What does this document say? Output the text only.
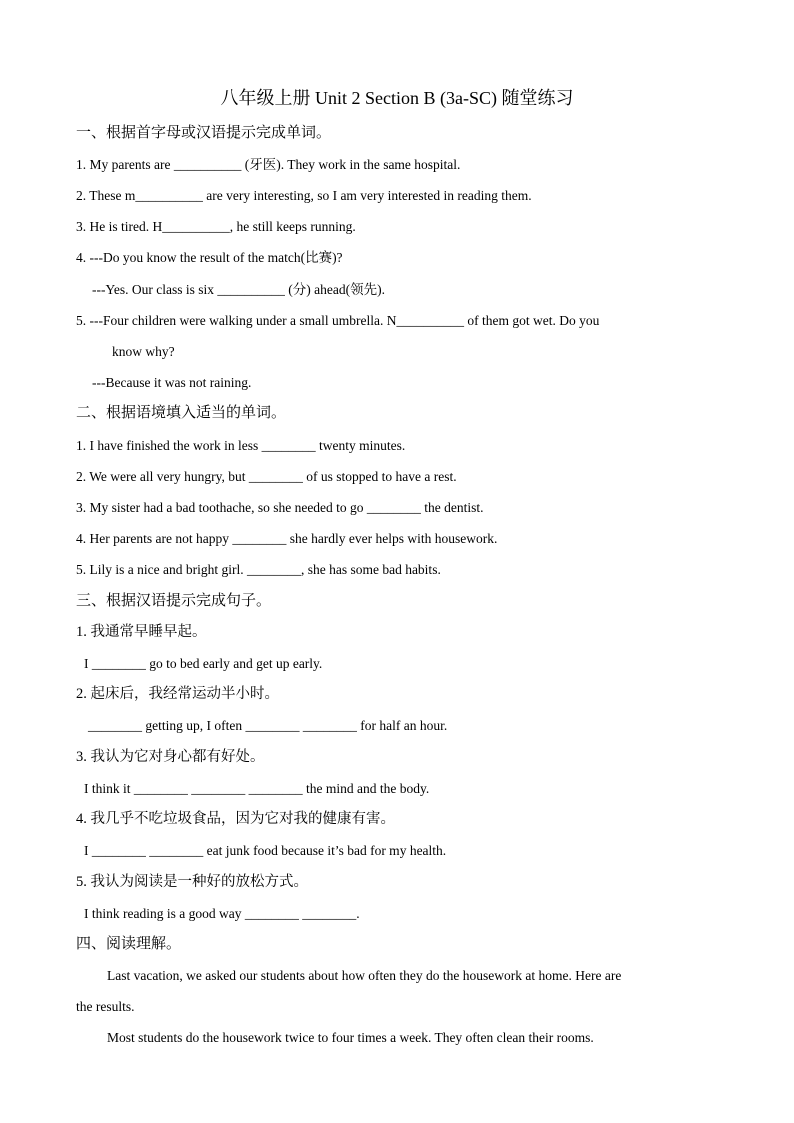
八年级上册 Unit 2 Section B (3a-SC) 随堂练习
一、根据首字母或汉语提示完成单词。
1. My parents are __________ (牙医). They work in the same hospital.
2. These m__________ are very interesting, so I am very interested in reading them.
3. He is tired. H__________, he still keeps running.
4. ---Do you know the result of the match(比赛)?
---Yes. Our class is six __________ (分) ahead(领先).
5. ---Four children were walking under a small umbrella. N__________ of them got wet. Do you
know why?
---Because it was not raining.
二、根据语境填入适当的单词。
1. I have finished the work in less ________ twenty minutes.
2. We were all very hungry, but ________ of us stopped to have a rest.
3. My sister had a bad toothache, so she needed to go ________ the dentist.
4. Her parents are not happy ________ she hardly ever helps with housework.
5. Lily is a nice and bright girl. ________, she has some bad habits.
三、根据汉语提示完成句子。
1. 我通常早睡早起。
I ________ go to bed early and get up early.
2. 起床后，我经常运动半小时。
________ getting up, I often ________ ________ for half an hour.
3. 我认为它对身心都有好处。
I think it ________ ________ ________ the mind and the body.
4. 我几乎不吃垃圾食品，因为它对我的健康有害。
I ________ ________ eat junk food because it’s bad for my health.
5. 我认为阅读是一种好的放松方式。
I think reading is a good way ________ ________.
四、阅读理解。
Last vacation, we asked our students about how often they do the housework at home. Here are
the results.
Most students do the housework twice to four times a week. They often clean their rooms.
